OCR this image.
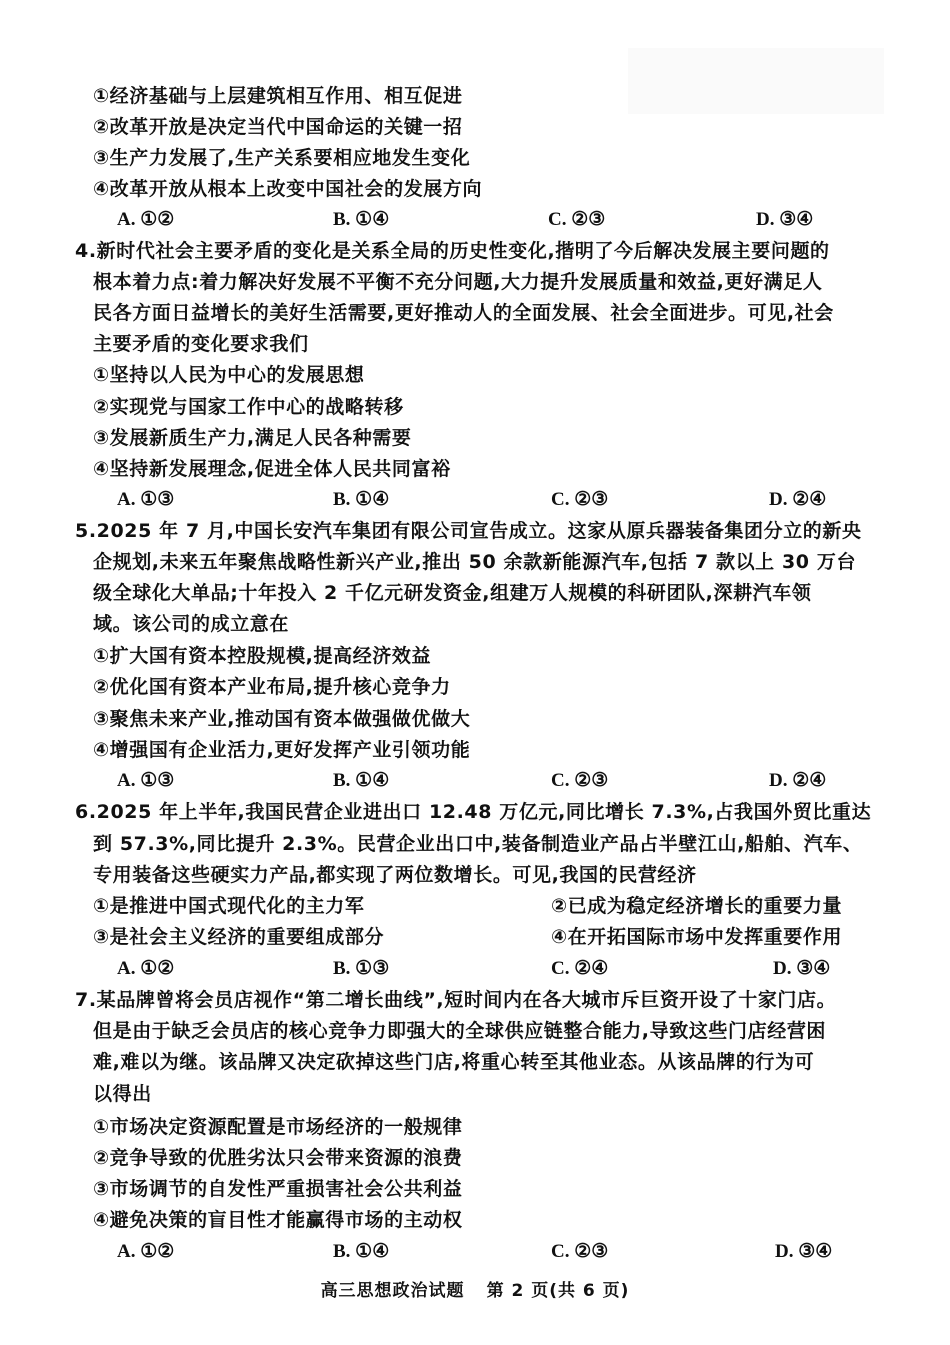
①经济基础与上层建筑相互作用、相互促进
②改革开放是决定当代中国命运的关键一招
③生产力发展了,生产关系要相应地发生变化
④改革开放从根本上改变中国社会的发展方向
A. ①②	B. ①④	C. ②③	D. ③④
4.新时代社会主要矛盾的变化是关系全局的历史性变化,揩明了今后解决发展主要问题的
根本着力点:着力解决好发展不平衡不充分问题,大力提升发展质量和效益,更好满足人
民各方面日益增长的美好生活需要,更好推动人的全面发展、社会全面进步。可见,社会
主要矛盾的变化要求我们
①坚持以人民为中心的发展思想
②实现党与国家工作中心的战略转移
③发展新质生产力,满足人民各种需要
④坚持新发展理念,促进全体人民共同富裕
A. ①③	B. ①④	C. ②③	D. ②④
5.2025 年 7 月,中国长安汽车集团有限公司宣告成立。这家从原兵器装备集团分立的新央
企规划,未来五年聚焦战略性新兴产业,推出 50 余款新能源汽车,包括 7 款以上 30 万台
级全球化大单品;十年投入 2 千亿元研发资金,组建万人规模的科研团队,深耕汽车领
域。该公司的成立意在
①扩大国有资本控股规模,提高经济效益
②优化国有资本产业布局,提升核心竞争力
③聚焦未来产业,推动国有资本做强做优做大
④增强国有企业活力,更好发挥产业引领功能
A. ①③	B. ①④	C. ②③	D. ②④
6.2025 年上半年,我国民营企业进出口 12.48 万亿元,同比增长 7.3%,占我国外贸比重达
到 57.3%,同比提升 2.3%。民营企业出口中,装备制造业产品占半壁江山,船舶、汽车、
专用装备这些硬实力产品,都实现了两位数增长。可见,我国的民营经济
①是推进中国式现代化的主力军	②已成为稳定经济增长的重要力量
③是社会主义经济的重要组成部分	④在开拓国际市场中发挥重要作用
A. ①②	B. ①③	C. ②④	D. ③④
7.某品牌曾将会员店视作“第二增长曲线”,短时间内在各大城市斥巨资开设了十家门店。
但是由于缺乏会员店的核心竞争力即强大的全球供应链整合能力,导致这些门店经营困
难,难以为继。该品牌又决定砍掉这些门店,将重心转至其他业态。从该品牌的行为可
以得出
①市场决定资源配置是市场经济的一般规律
②竞争导致的优胜劣汰只会带来资源的浪费
③市场调节的自发性严重损害社会公共利益
④避免决策的盲目性才能赢得市场的主动权
A. ①②	B. ①④	C. ②③	D. ③④
高三思想政治试题 第 2 页(共 6 页)
